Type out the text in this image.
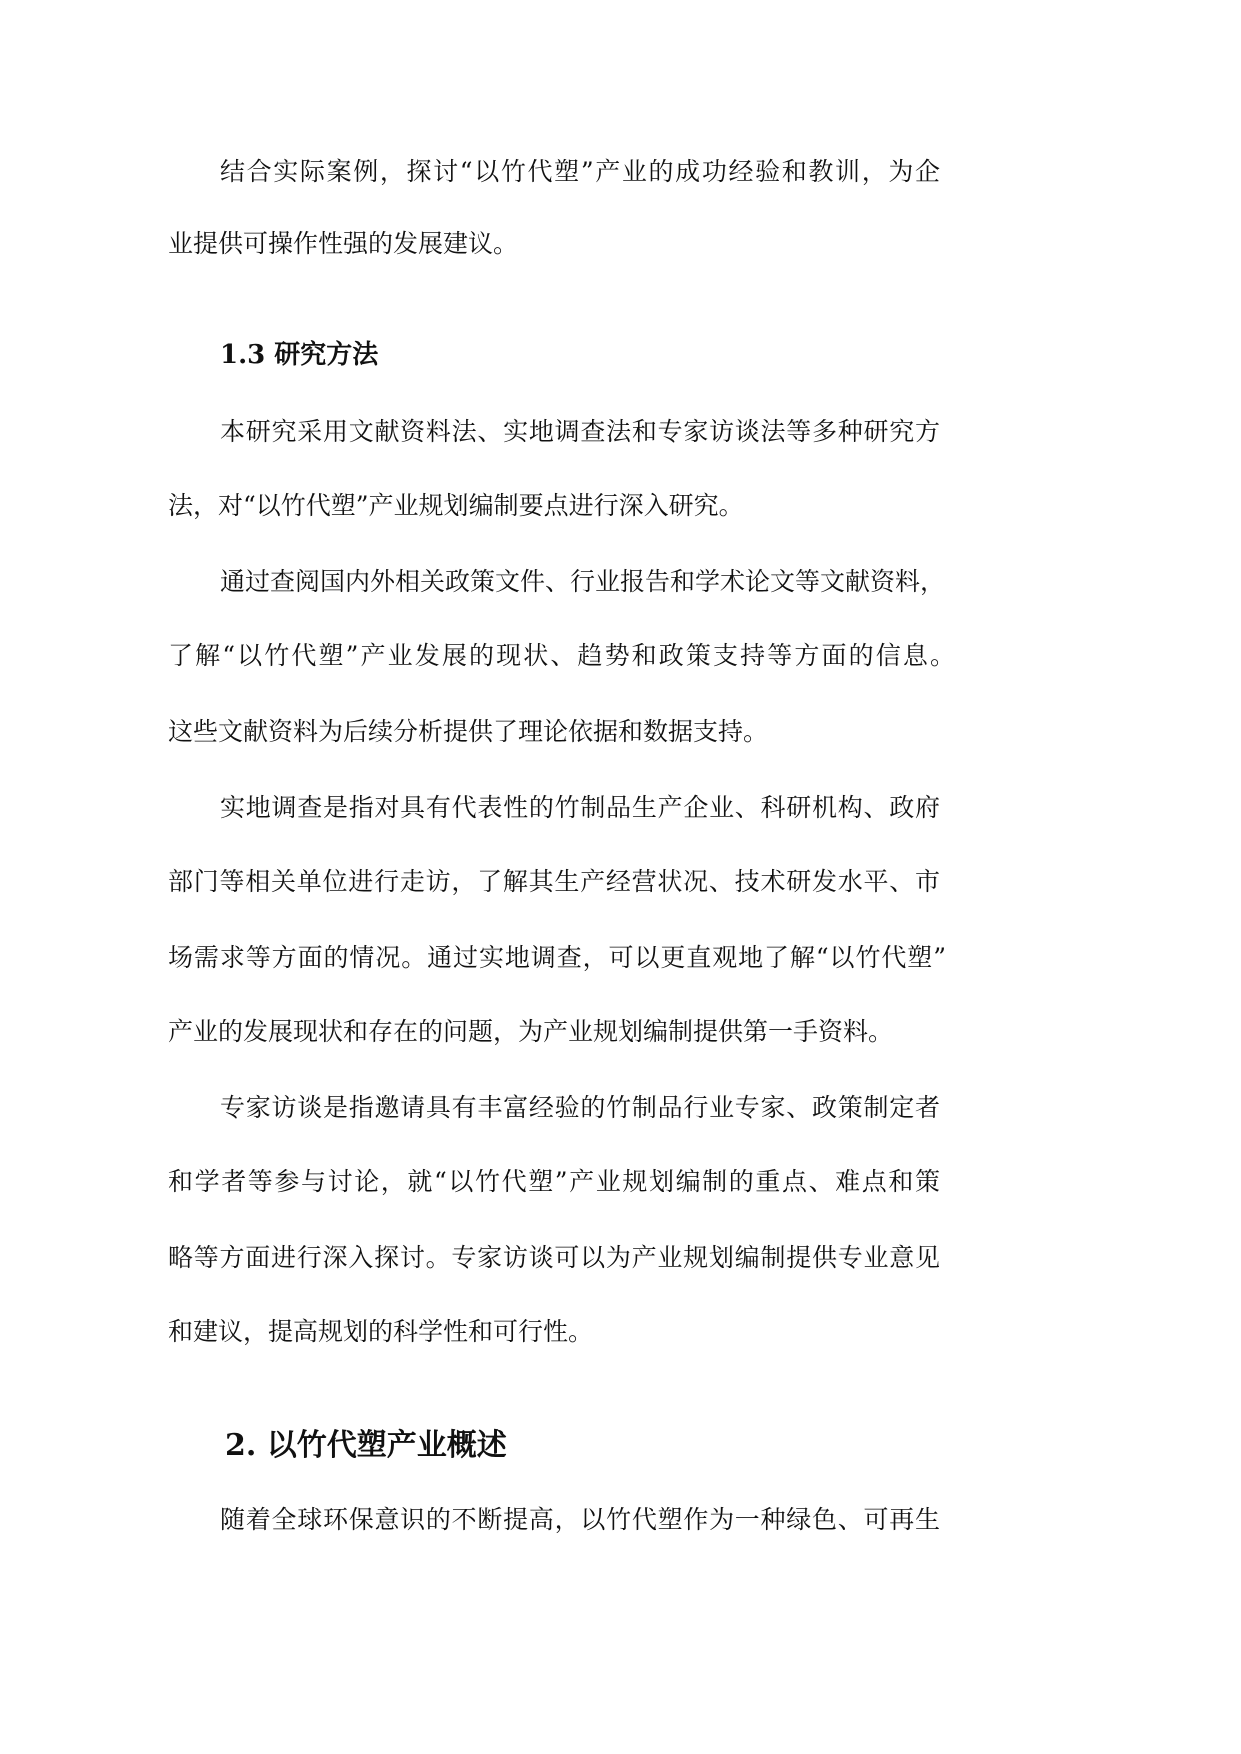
结合实际案例，探讨“以竹代塑”产业的成功经验和教训，为企
业提供可操作性强的发展建议。
1.3 研究方法
本研究采用文献资料法、实地调查法和专家访谈法等多种研究方
法，对“以竹代塑”产业规划编制要点进行深入研究。
通过查阅国内外相关政策文件、行业报告和学术论文等文献资料，
了解“以竹代塑”产业发展的现状、趋势和政策支持等方面的信息。
这些文献资料为后续分析提供了理论依据和数据支持。
实地调查是指对具有代表性的竹制品生产企业、科研机构、政府
部门等相关单位进行走访，了解其生产经营状况、技术研发水平、市
场需求等方面的情况。通过实地调查，可以更直观地了解“以竹代塑”
产业的发展现状和存在的问题，为产业规划编制提供第一手资料。
专家访谈是指邀请具有丰富经验的竹制品行业专家、政策制定者
和学者等参与讨论，就“以竹代塑”产业规划编制的重点、难点和策
略等方面进行深入探讨。专家访谈可以为产业规划编制提供专业意见
和建议，提高规划的科学性和可行性。
2. 以竹代塑产业概述
随着全球环保意识的不断提高，以竹代塑作为一种绿色、可再生
